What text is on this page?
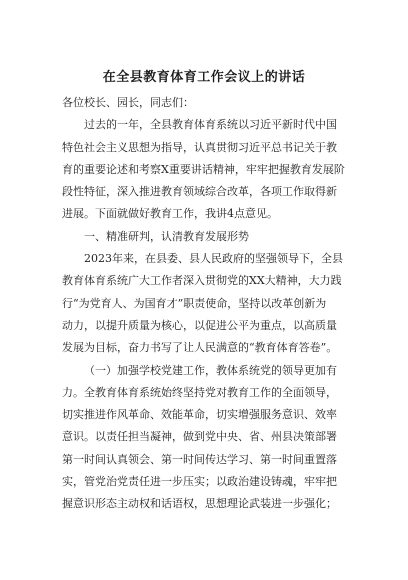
在全县教育体育工作会议上的讲话
各位校长、园长，同志们：
过去的一年，全县教育体育系统以习近平新时代中国
特色社会主义思想为指导，认真贯彻习近平总书记关于教
育的重要论述和考察X重要讲话精神，牢牢把握教育发展阶
段性特征，深入推进教育领域综合改革，各项工作取得新
进展。下面就做好教育工作，我讲4点意见。
一、精准研判，认清教育发展形势
2023年来，在县委、县人民政府的坚强领导下，全县
教育体育系统广大工作者深入贯彻党的XX大精神，大力践
行“为党育人、为国育才”职责使命，坚持以改革创新为
动力，以提升质量为核心，以促进公平为重点，以高质量
发展为目标，奋力书写了让人民满意的“教育体育答卷”。
（一）加强学校党建工作，教体系统党的领导更加有
力。全教育体育系统始终坚持党对教育工作的全面领导，
切实推进作风革命、效能革命，切实增强服务意识、效率
意识。以责任担当凝神，做到党中央、省、州县决策部署
第一时间认真领会、第一时间传达学习、第一时间重置落
实，管党治党责任进一步压实；以政治建设铸魂，牢牢把
握意识形态主动权和话语权，思想理论武装进一步强化；
